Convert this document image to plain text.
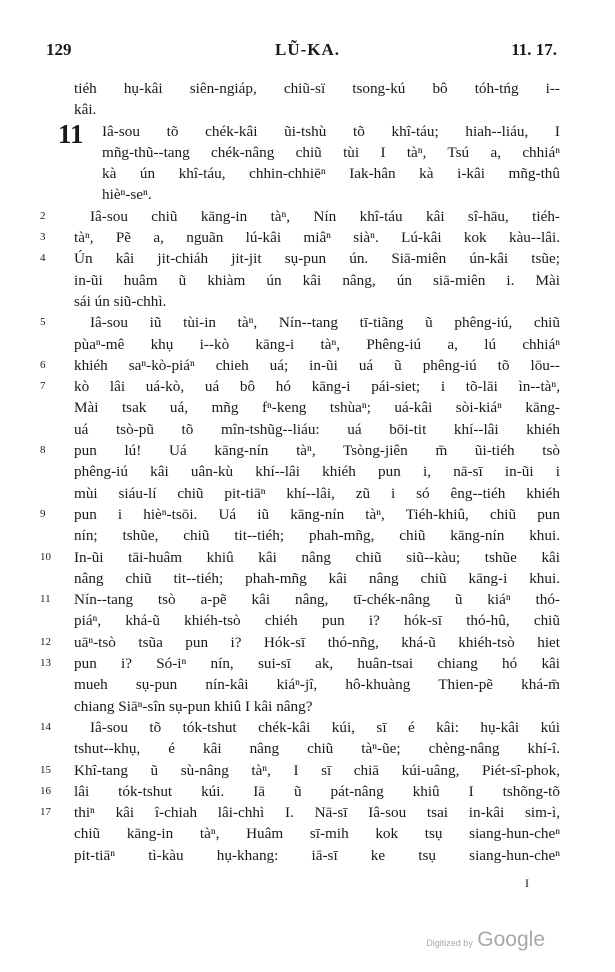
129	LŨ-KA.	11. 17.
tiéh hụ-kâi siên-ngiáp, chiũ-sï tsong-kú bô tóh-tńg i--
kâi.
11 Iâ-sou tõ chék-kâi ũi-tshù tõ khî-táu; hiah--liáu, I
mñg-thũ--tang chék-nâng chiũ tùi I tàⁿ, Tsú a, chhiáⁿ
kà ún khî-táu, chhin-chhiēⁿ Iak-hân kà i-kâi mñg-thû
hièⁿ-seⁿ.
2	Iâ-sou chiũ kāng-in tàⁿ, Nín khî-táu kâi sî-hāu, tiéh-
3	tàⁿ, Pẽ a, nguãn lú-kâi miâⁿ siàⁿ. Lú-kâi kok kàu--lâi.
4	Ún kâi jit-chiáh jit-jit sụ-pun ún. Siā-miên ún-kâi tsũe;
in-ũi huâm ũ khiàm ún kâi nâng, ún siā-miên i. Mài
sái ún siũ-chhì.
5	Iâ-sou iũ tùi-in tàⁿ, Nín--tang tī-tiãng ũ phêng-iú, chiũ
pùaⁿ-mê khụ i--kò kāng-i tàⁿ, Phêng-iú a, lú chhiáⁿ
6	khiéh saⁿ-kò-piáⁿ chieh uá; in-ũi uá ũ phêng-iú tõ lōu--
7	kò lâi uá-kò, uá bô hó kāng-i pái-siet; i tõ-lāi ìn--tàⁿ,
Mài tsak uá, mñg fⁿ-keng tshùaⁿ; uá-kâi sòi-kiáⁿ kāng-
uá tsò-pũ tõ mîn-tshũg--liáu: uá bōi-tit khí--lâi khiéh
8	pun lú! Uá kāng-nín tàⁿ, Tsòng-jiên m̄ ũi-tiéh tsò
phêng-iú kâi uân-kù khí--lâi khiéh pun i, nā-sī in-ũi i
mùi siáu-lí chiũ pit-tiāⁿ khí--lâi, zũ i só êng--tiéh khiéh
9	pun i hièⁿ-tsōi. Uá iũ kāng-nín tàⁿ, Tiéh-khiû, chiũ pun
nín; tshũe, chiũ tit--tiéh; phah-mñg, chiũ kāng-nín khui.
10	In-ũi tāi-huâm khiû kâi nâng chiũ siũ--kàu; tshũe kâi
nâng chiũ tit--tiéh; phah-mñg kâi nâng chiũ kāng-i khui.
11	Nín--tang tsò a-pẽ kâi nâng, tī-chék-nâng ũ kiáⁿ thó-
piáⁿ, khá-ũ khiéh-tsò chiéh pun i? hók-sī thó-hû, chiũ
12	uāⁿ-tsò tsũa pun i? Hók-sī thó-nñg, khá-ũ khiéh-tsò hiet
13	pun i? Só-iⁿ nín, sui-sī ak, huân-tsai chiang hó kâi
mueh sụ-pun nín-kâi kiáⁿ-jî, hô-khuàng Thien-pẽ khá-m̄
chiang Siāⁿ-sîn sụ-pun khiû I kâi nâng?
14	Iâ-sou tõ tók-tshut chék-kâi kúi, sī é kâi: hụ-kâi kúi
tshut--khụ, é kâi nâng chiũ tàⁿ-ũe; chèng-nâng khí-î.
15	Khî-tang ũ sù-nâng tàⁿ, I sī chiā kúi-uâng, Piét-sî-phok,
16	lâi tók-tshut kúi. Iā ũ pát-nâng khiû I tshõng-tõ
17	thiⁿ kâi î-chiah lâi-chhì I. Nā-sī Iâ-sou tsai in-kâi sim-ì,
chiũ kāng-in tàⁿ, Huâm sī-mih kok tsụ siang-hun-cheⁿ
pit-tiāⁿ tì-kàu hụ-khang: iā-sī ke tsụ siang-hun-cheⁿ
I
Digitized by Google
